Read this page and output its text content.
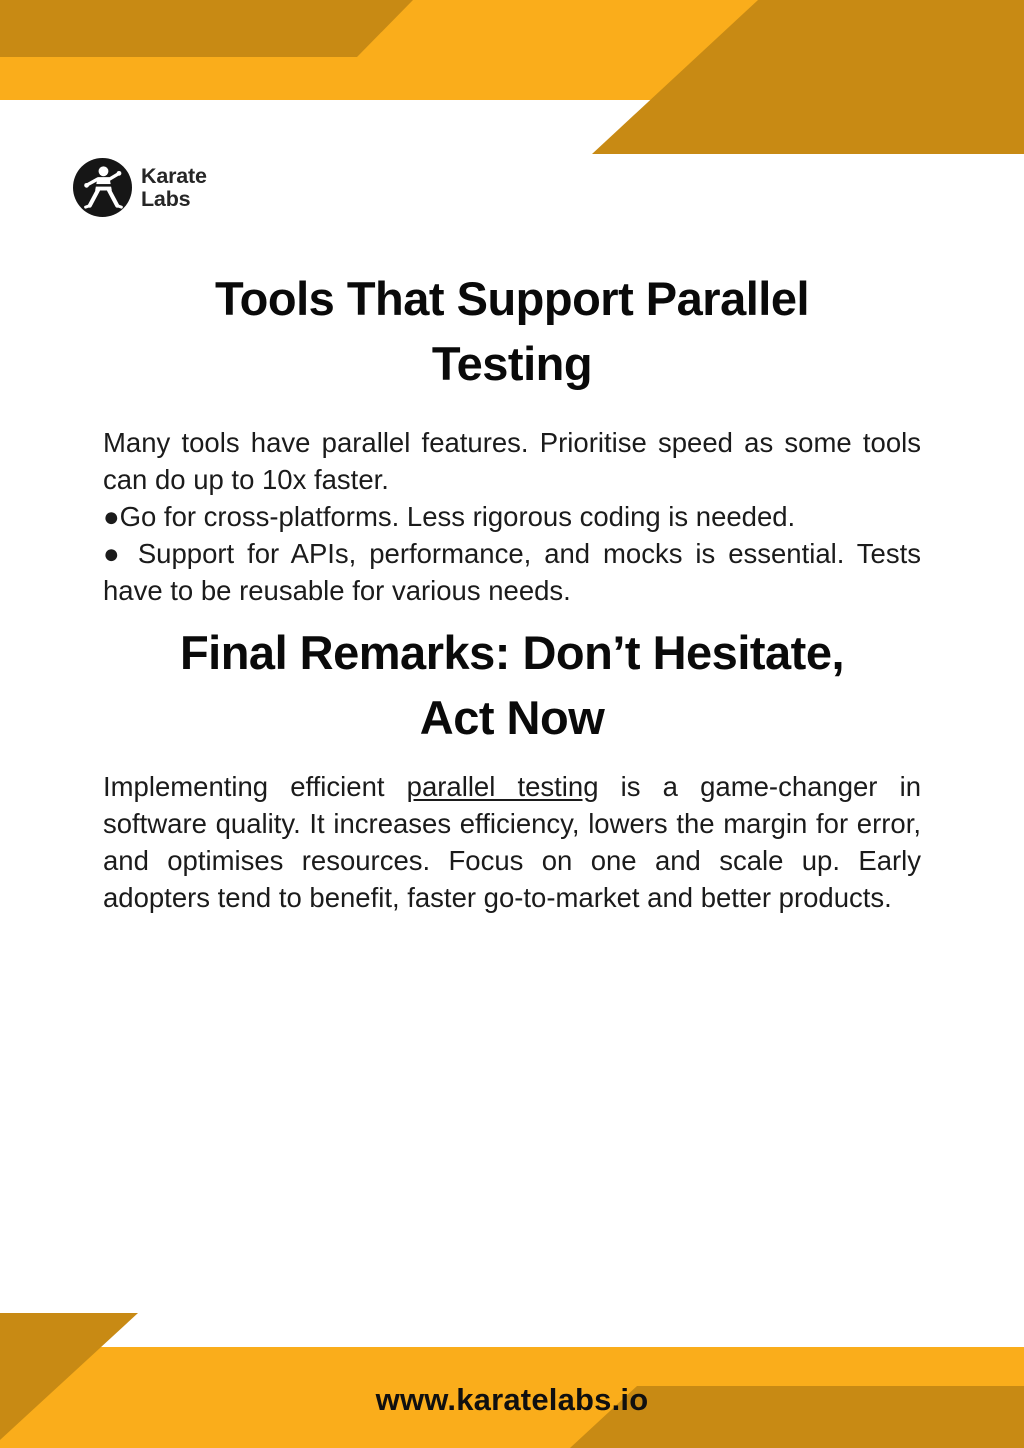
Karate
Labs
Tools That Support Parallel
Testing

Many tools have parallel features. Prioritise speed as some tools can do up to 10x faster.

●Go for cross-platforms. Less rigorous coding is needed.

● Support for APIs, performance, and mocks is essential. Tests have to be reusable for various needs.

Final Remarks: Don’t Hesitate,
Act Now
Implementing efficient parallel testing is a game-changer in software quality. It increases efficiency, lowers the margin for error, and optimises resources. Focus on one and scale up. Early adopters tend to benefit, faster go-to-market and better products.
www.karatelabs.io
